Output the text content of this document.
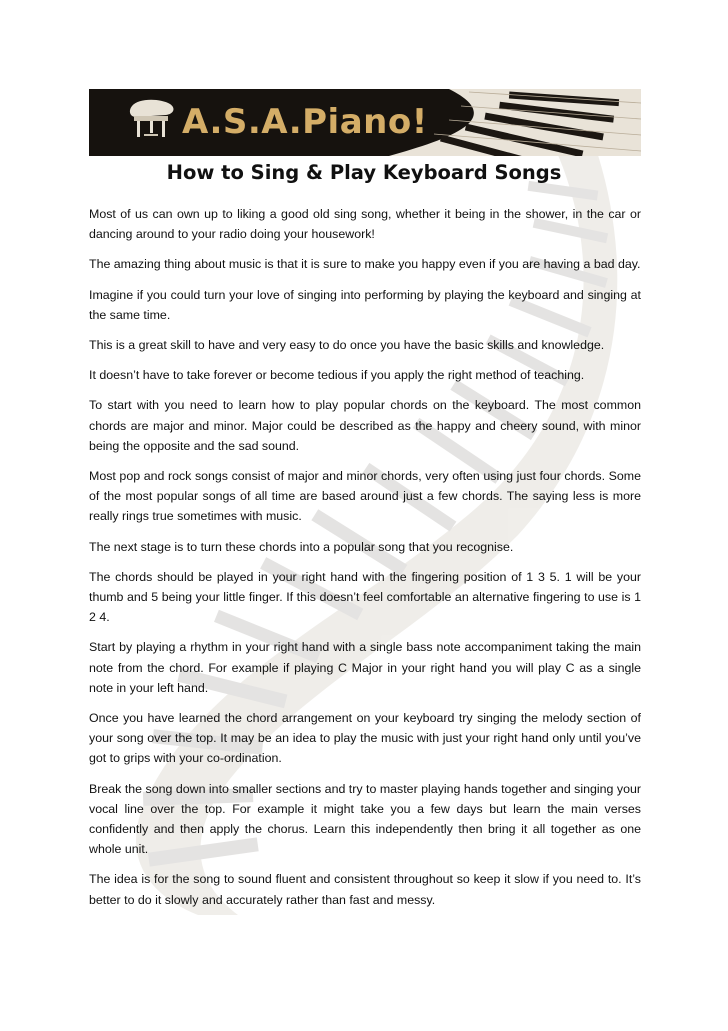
A.S.A.Piano!
How to Sing & Play Keyboard Songs

Most of us can own up to liking a good old sing song, whether it being in the shower, in the car or dancing around to your radio doing your housework!

The amazing thing about music is that it is sure to make you happy even if you are having a bad day.

Imagine if you could turn your love of singing into performing by playing the keyboard and singing at the same time.

This is a great skill to have and very easy to do once you have the basic skills and knowledge.

It doesn’t have to take forever or become tedious if you apply the right method of teaching.

To start with you need to learn how to play popular chords on the keyboard. The most common chords are major and minor. Major could be described as the happy and cheery sound, with minor being the opposite and the sad sound.

Most pop and rock songs consist of major and minor chords, very often using just four chords. Some of the most popular songs of all time are based around just a few chords. The saying less is more really rings true sometimes with music.

The next stage is to turn these chords into a popular song that you recognise.

The chords should be played in your right hand with the fingering position of 1 3 5. 1 will be your thumb and 5 being your little finger. If this doesn’t feel comfortable an alternative fingering to use is 1 2 4.

Start by playing a rhythm in your right hand with a single bass note accompaniment taking the main note from the chord. For example if playing C Major in your right hand you will play C as a single note in your left hand.

Once you have learned the chord arrangement on your keyboard try singing the melody section of your song over the top. It may be an idea to play the music with just your right hand only until you’ve got to grips with your co-ordination.

Break the song down into smaller sections and try to master playing hands together and singing your vocal line over the top. For example it might take you a few days but learn the main verses confidently and then apply the chorus. Learn this independently then bring it all together as one whole unit.

The idea is for the song to sound fluent and consistent throughout so keep it slow if you need to. It’s better to do it slowly and accurately rather than fast and messy.
